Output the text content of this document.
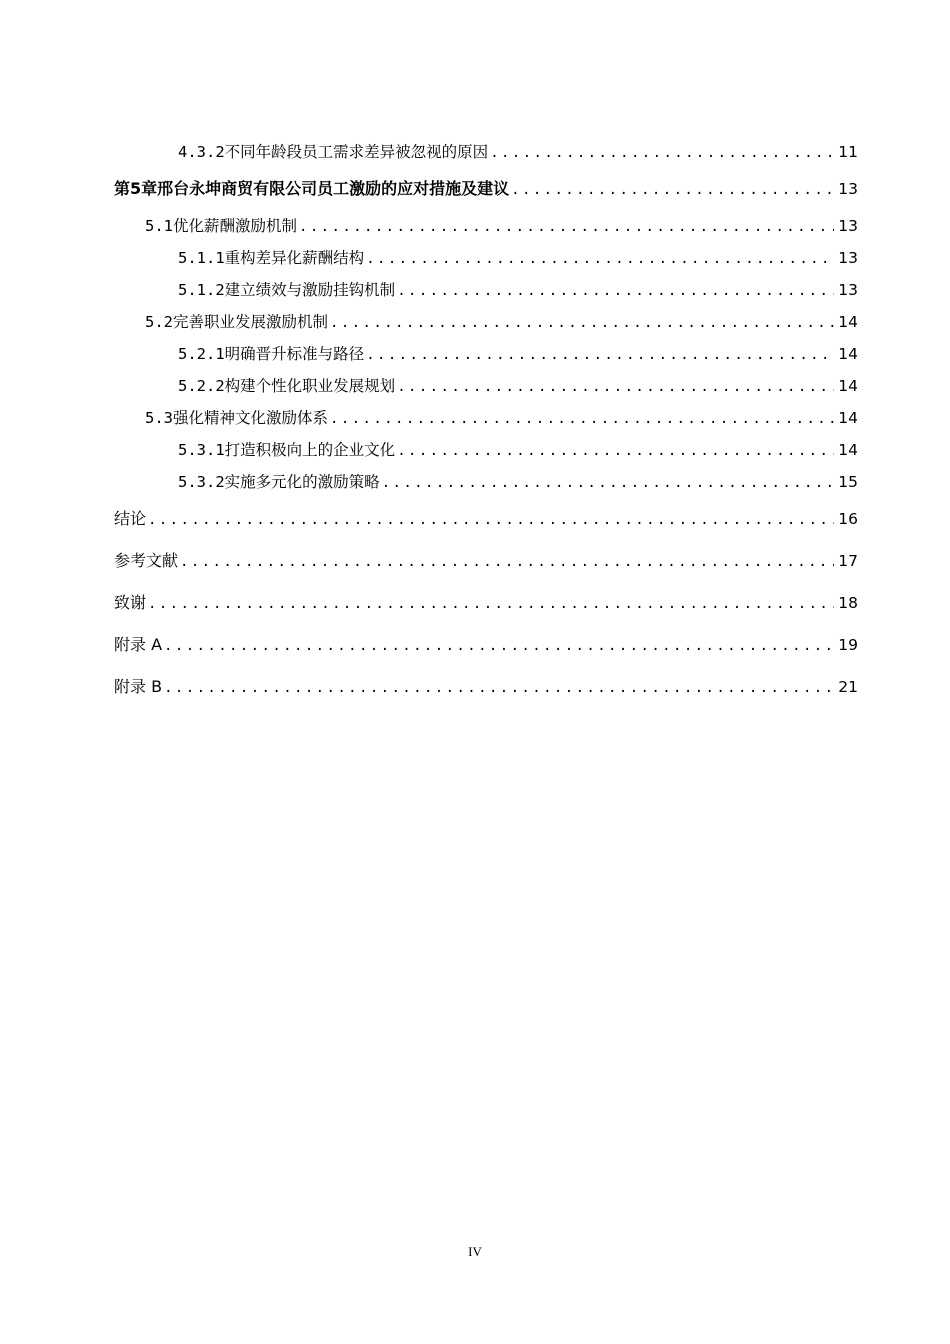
4.3.2 不同年龄段员工需求差异被忽视的原因 .....	11
第5章 邢台永坤商贸有限公司员工激励的应对措施及建议 .....	13
5.1 优化薪酬激励机制 .....	13
5.1.1 重构差异化薪酬结构 .....	13
5.1.2 建立绩效与激励挂钩机制 .....	13
5.2 完善职业发展激励机制 .....	14
5.2.1 明确晋升标准与路径 .....	14
5.2.2 构建个性化职业发展规划 .....	14
5.3 强化精神文化激励体系 .....	14
5.3.1 打造积极向上的企业文化 .....	14
5.3.2 实施多元化的激励策略 .....	15
结论 .....	16
参考文献 .....	17
致谢 .....	18
附录 A .....	19
附录 B .....	21
IV
